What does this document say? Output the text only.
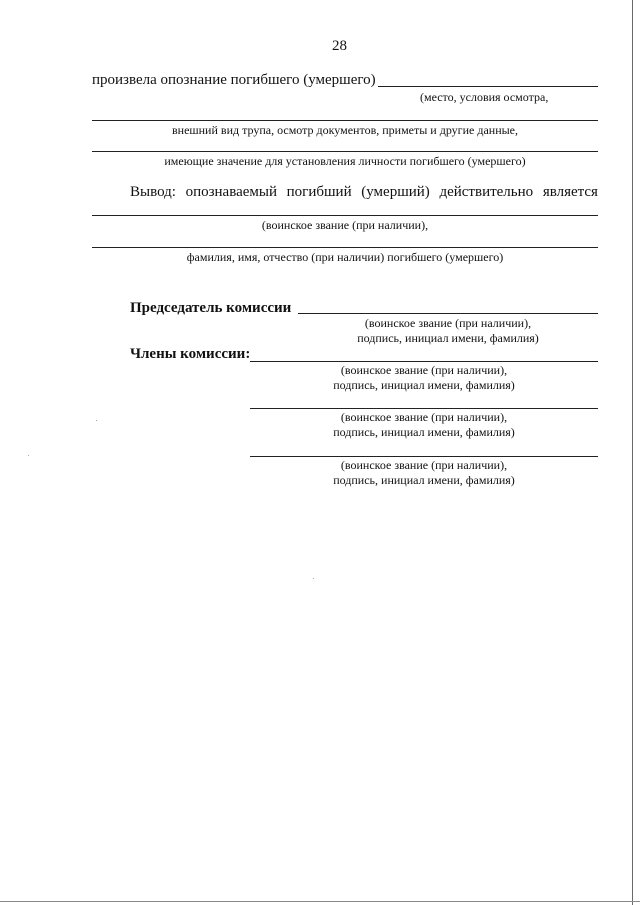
28
произвела опознание погибшего (умершего)
(место, условия осмотра,
внешний вид трупа, осмотр документов, приметы и другие данные,
имеющие значение для установления личности погибшего (умершего)
Вывод: опознаваемый погибший (умерший) действительно является
(воинское звание (при наличии),
фамилия, имя, отчество (при наличии) погибшего (умершего)
Председатель комиссии
(воинское звание (при наличии),
подпись, инициал имени, фамилия)
Члены комиссии:
(воинское звание (при наличии),
подпись, инициал имени, фамилия)
(воинское звание (при наличии),
подпись, инициал имени, фамилия)
(воинское звание (при наличии),
подпись, инициал имени, фамилия)
